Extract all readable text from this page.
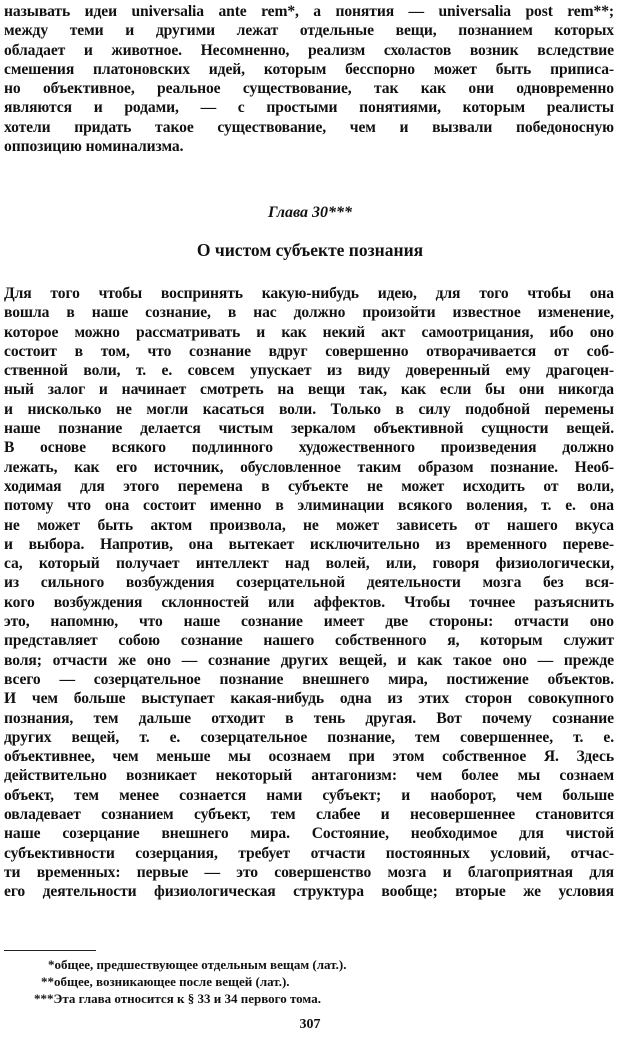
называть идеи universalia ante rem*, а понятия — universalia post rem**;
между теми и другими лежат отдельные вещи, познанием которых
обладает и животное. Несомненно, реализм схоластов возник вследствие
смешения платоновских идей, которым бесспорно может быть приписа-
но объективное, реальное существование, так как они одновременно
являются и родами, — с простыми понятиями, которым реалисты
хотели придать такое существование, чем и вызвали победоносную
оппозицию номинализма.
Глава 30***
О чистом субъекте познания
Для того чтобы воспринять какую-нибудь идею, для того чтобы она
вошла в наше сознание, в нас должно произойти известное изменение,
которое можно рассматривать и как некий акт самоотрицания, ибо оно
состоит в том, что сознание вдруг совершенно отворачивается от соб-
ственной воли, т. е. совсем упускает из виду доверенный ему драгоцен-
ный залог и начинает смотреть на вещи так, как если бы они никогда
и нисколько не могли касаться воли. Только в силу подобной перемены
наше познание делается чистым зеркалом объективной сущности вещей.
В основе всякого подлинного художественного произведения должно
лежать, как его источник, обусловленное таким образом познание. Необ-
ходимая для этого перемена в субъекте не может исходить от воли,
потому что она состоит именно в элиминации всякого воления, т. е. она
не может быть актом произвола, не может зависеть от нашего вкуса
и выбора. Напротив, она вытекает исключительно из временного переве-
са, который получает интеллект над волей, или, говоря физиологически,
из сильного возбуждения созерцательной деятельности мозга без вся-
кого возбуждения склонностей или аффектов. Чтобы точнее разъяснить
это, напомню, что наше сознание имеет две стороны: отчасти оно
представляет собою сознание нашего собственного я, которым служит
воля; отчасти же оно — сознание других вещей, и как такое оно — прежде
всего — созерцательное познание внешнего мира, постижение объектов.
И чем больше выступает какая-нибудь одна из этих сторон совокупного
познания, тем дальше отходит в тень другая. Вот почему сознание
других вещей, т. е. созерцательное познание, тем совершеннее, т. е.
объективнее, чем меньше мы осознаем при этом собственное Я. Здесь
действительно возникает некоторый антагонизм: чем более мы сознаем
объект, тем менее сознается нами субъект; и наоборот, чем больше
овладевает сознанием субъект, тем слабее и несовершеннее становится
наше созерцание внешнего мира. Состояние, необходимое для чистой
субъективности созерцания, требует отчасти постоянных условий, отчас-
ти временных: первые — это совершенство мозга и благоприятная для
его деятельности физиологическая структура вообще; вторые же условия
*общее, предшествующее отдельным вещам (лат.).
**общее, возникающее после вещей (лат.).
***Эта глава относится к § 33 и 34 первого тома.
307
